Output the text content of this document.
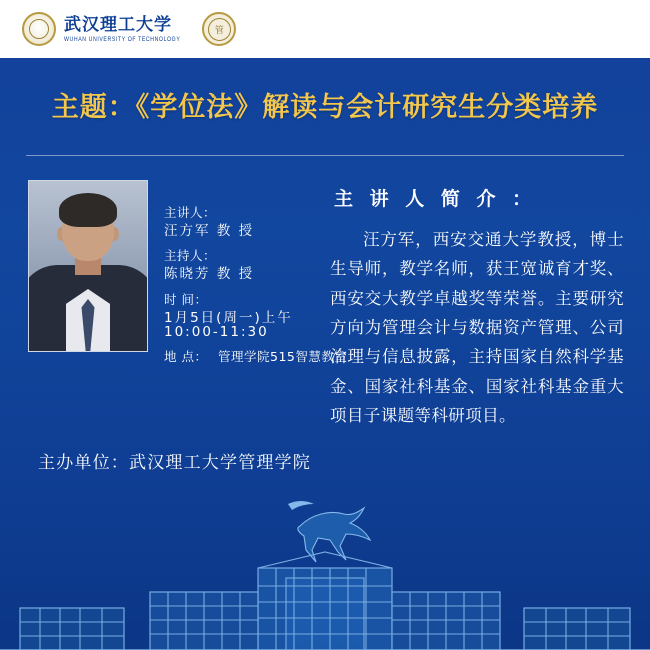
武汉理工大学
WUHAN UNIVERSITY OF TECHNOLOGY
管
主题：《学位法》解读与会计研究生分类培养
主讲人：
汪方军 教 授
主持人：
陈晓芳 教 授
时 间：
1月5日(周一)上午10:00-11:30
地 点： 管理学院515智慧教室
主 讲 人 简 介 ：
汪方军，西安交通大学教授，博士生导师，教学名师，获王宽诚育才奖、西安交大教学卓越奖等荣誉。主要研究方向为管理会计与数据资产管理、公司治理与信息披露，主持国家自然科学基金、国家社科基金、国家社科基金重大项目子课题等科研项目。
主办单位：武汉理工大学管理学院
